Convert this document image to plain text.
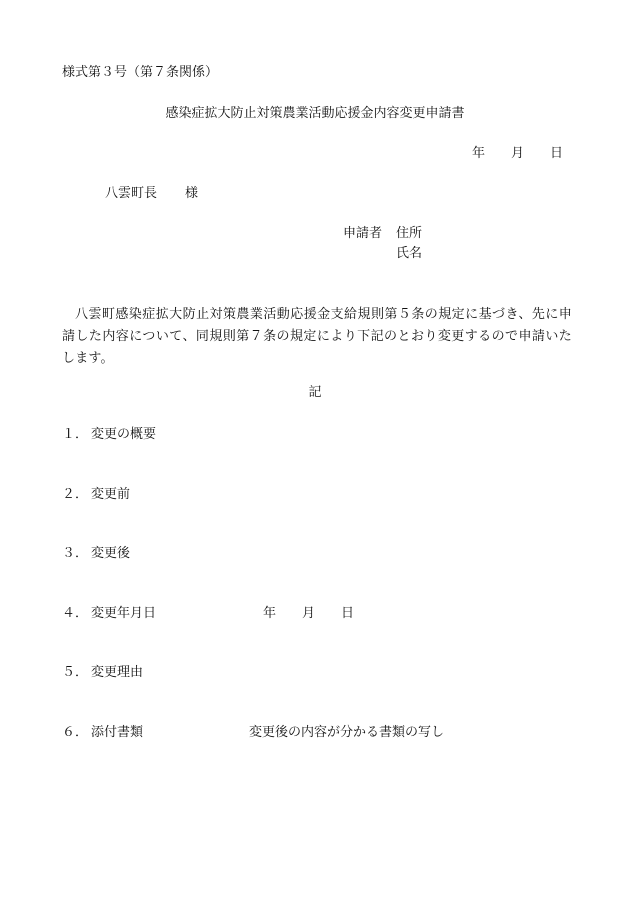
様式第３号（第７条関係）
感染症拡大防止対策農業活動応援金内容変更申請書
年 月 日
八雲町長 様
申請者 住所
氏名
八雲町感染症拡大防止対策農業活動応援金支給規則第５条の規定に基づき、先に申請した内容について、同規則第７条の規定により下記のとおり変更するので申請いたします。
記
１． 変更の概要
２． 変更前
３． 変更後
４． 変更年月日	年 月 日
５． 変更理由
６． 添付書類	変更後の内容が分かる書類の写し
